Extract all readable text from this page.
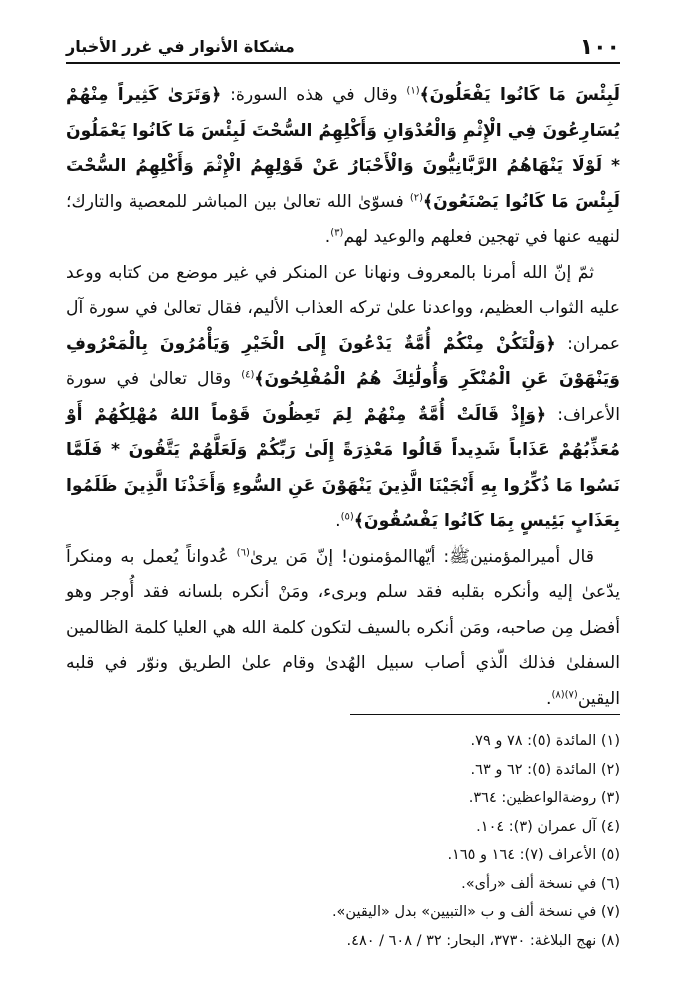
١٠٠
مشكاة الأنوار في غرر الأخبار

لَبِئْسَ مَا كَانُوا يَفْعَلُونَ﴾$^{(١)}$ وقال في هذه السورة: ﴿وَتَرَىٰ كَثِيراً مِنْهُمْ يُسَارِعُونَ فِي الْإِثْمِ وَالْعُدْوَانِ وَأَكْلِهِمُ السُّحْتَ لَبِئْسَ مَا كَانُوا يَعْمَلُونَ * لَوْلَا يَنْهَاهُمُ الرَّبَّانِيُّونَ وَالْأَحْبَارُ عَنْ قَوْلِهِمُ الْإِثْمَ وَأَكْلِهِمُ السُّحْتَ لَبِئْسَ مَا كَانُوا يَصْنَعُونَ﴾$^{(٢)}$ فسوّىٰ الله تعالىٰ بين المباشر للمعصية والتارك؛ لنهيه عنها في تهجين فعلهم والوعيد لهم$^{(٣)}$.

ثمّ إنّ الله أمرنا بالمعروف ونهانا عن المنكر في غير موضع من كتابه ووعد عليه الثواب العظيم، وواعدنا علىٰ تركه العذاب الأليم، فقال تعالىٰ في سورة آل عمران: ﴿وَلْتَكُنْ مِنْكُمْ أُمَّةٌ يَدْعُونَ إِلَى الْخَيْرِ وَيَأْمُرُونَ بِالْمَعْرُوفِ وَيَنْهَوْنَ عَنِ الْمُنْكَرِ وَأُولَٰئِكَ هُمُ الْمُفْلِحُونَ﴾$^{(٤)}$ وقال تعالىٰ في سورة الأعراف: ﴿وَإِذْ قَالَتْ أُمَّةٌ مِنْهُمْ لِمَ تَعِظُونَ قَوْماً اللهُ مُهْلِكُهُمْ أَوْ مُعَذِّبُهُمْ عَذَاباً شَدِيداً قَالُوا مَعْذِرَةً إِلَىٰ رَبِّكُمْ وَلَعَلَّهُمْ يَتَّقُونَ * فَلَمَّا نَسُوا مَا ذُكِّرُوا بِهِ أَنْجَيْنَا الَّذِينَ يَنْهَوْنَ عَنِ السُّوءِ وَأَخَذْنَا الَّذِينَ ظَلَمُوا بِعَذَابٍ بَئِيسٍ بِمَا كَانُوا يَفْسُقُونَ﴾$^{(٥)}$.

قال أميرالمؤمنينﷺ: أيّهاالمؤمنون! إنّ مَن يرىٰ$^{(٦)}$ عُدواناً يُعمل به ومنكراً يدّعىٰ إليه وأنكره بقلبه فقد سلم وبرىء، ومَنْ أنكره بلسانه فقد أُوجر وهو أفضل مِن صاحبه، ومَن أنكره بالسيف لتكون كلمة الله هي العليا كلمة الظالمين السفلىٰ فذلك الّذي أصاب سبيل الهُدىٰ وقام علىٰ الطريق ونوّر في قلبه اليقين$^{(٧)(٨)}$.

(١) المائدة (٥): ٧٨ و ٧٩.
(٢) المائدة (٥): ٦٢ و ٦٣.
(٣) روضةالواعظين: ٣٦٤.
(٤) آل عمران (٣): ١٠٤.
(٥) الأعراف (٧): ١٦٤ و ١٦٥.
(٦) في نسخة ألف «رأى».
(٧) في نسخة ألف و ب «التبيين» بدل «اليقين».
(٨) نهج البلاغة: ٣٧٣٠، البحار: ٣٢ / ٦٠٨ / ٤٨٠.
